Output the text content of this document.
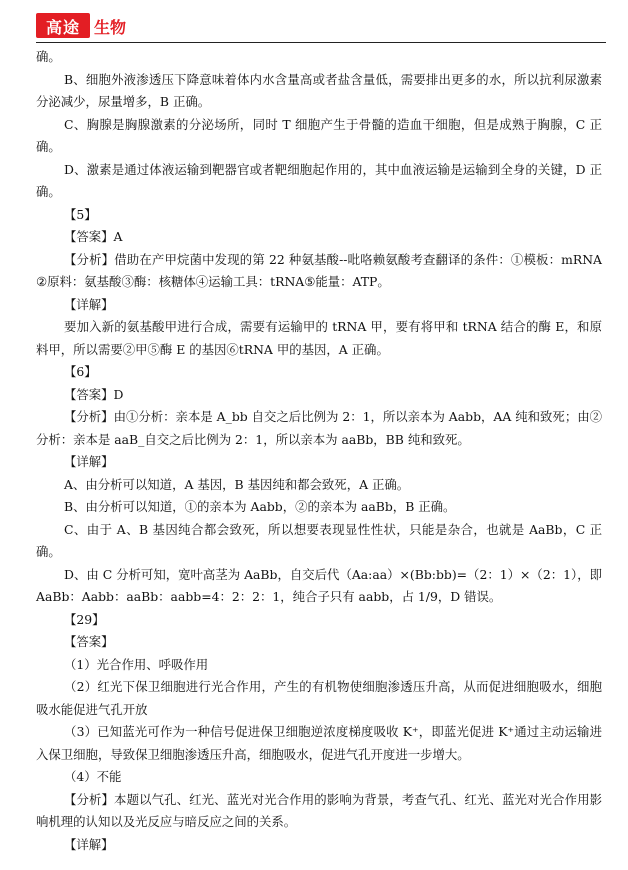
高途 生物

确。

B、细胞外液渗透压下降意味着体内水含量高或者盐含量低，需要排出更多的水，所以抗利尿激素分泌减少，尿量增多，B 正确。

C、胸腺是胸腺激素的分泌场所，同时 T 细胞产生于骨髓的造血干细胞，但是成熟于胸腺，C 正确。

D、激素是通过体液运输到靶器官或者靶细胞起作用的，其中血液运输是运输到全身的关键，D 正确。

【5】

【答案】A

【分析】借助在产甲烷菌中发现的第 22 种氨基酸--吡咯赖氨酸考查翻译的条件：①模板：mRNA ②原料：氨基酸③酶：核糖体④运输工具：tRNA⑤能量：ATP。

【详解】

要加入新的氨基酸甲进行合成，需要有运输甲的 tRNA 甲，要有将甲和 tRNA 结合的酶 E，和原料甲，所以需要②甲⑤酶 E 的基因⑥tRNA 甲的基因，A 正确。

【6】

【答案】D

【分析】由①分析：亲本是 A_bb 自交之后比例为 2：1，所以亲本为 Aabb，AA 纯和致死；由②分析：亲本是 aaB_自交之后比例为 2：1，所以亲本为 aaBb，BB 纯和致死。

【详解】

A、由分析可以知道，A 基因，B 基因纯和都会致死，A 正确。

B、由分析可以知道，①的亲本为 Aabb，②的亲本为 aaBb，B 正确。

C、由于 A、B 基因纯合都会致死，所以想要表现显性性状，只能是杂合，也就是 AaBb，C 正确。

D、由 C 分析可知，宽叶高茎为 AaBb，自交后代（Aa:aa）×(Bb:bb)=（2：1）×（2：1），即 AaBb：Aabb：aaBb：aabb=4：2：2：1，纯合子只有 aabb，占 1/9，D 错误。

【29】

【答案】

（1）光合作用、呼吸作用

（2）红光下保卫细胞进行光合作用，产生的有机物使细胞渗透压升高，从而促进细胞吸水，细胞吸水能促进气孔开放

（3）已知蓝光可作为一种信号促进保卫细胞逆浓度梯度吸收 K⁺，即蓝光促进 K⁺通过主动运输进入保卫细胞，导致保卫细胞渗透压升高，细胞吸水，促进气孔开度进一步增大。

（4）不能

【分析】本题以气孔、红光、蓝光对光合作用的影响为背景，考查气孔、红光、蓝光对光合作用影响机理的认知以及光反应与暗反应之间的关系。

【详解】
